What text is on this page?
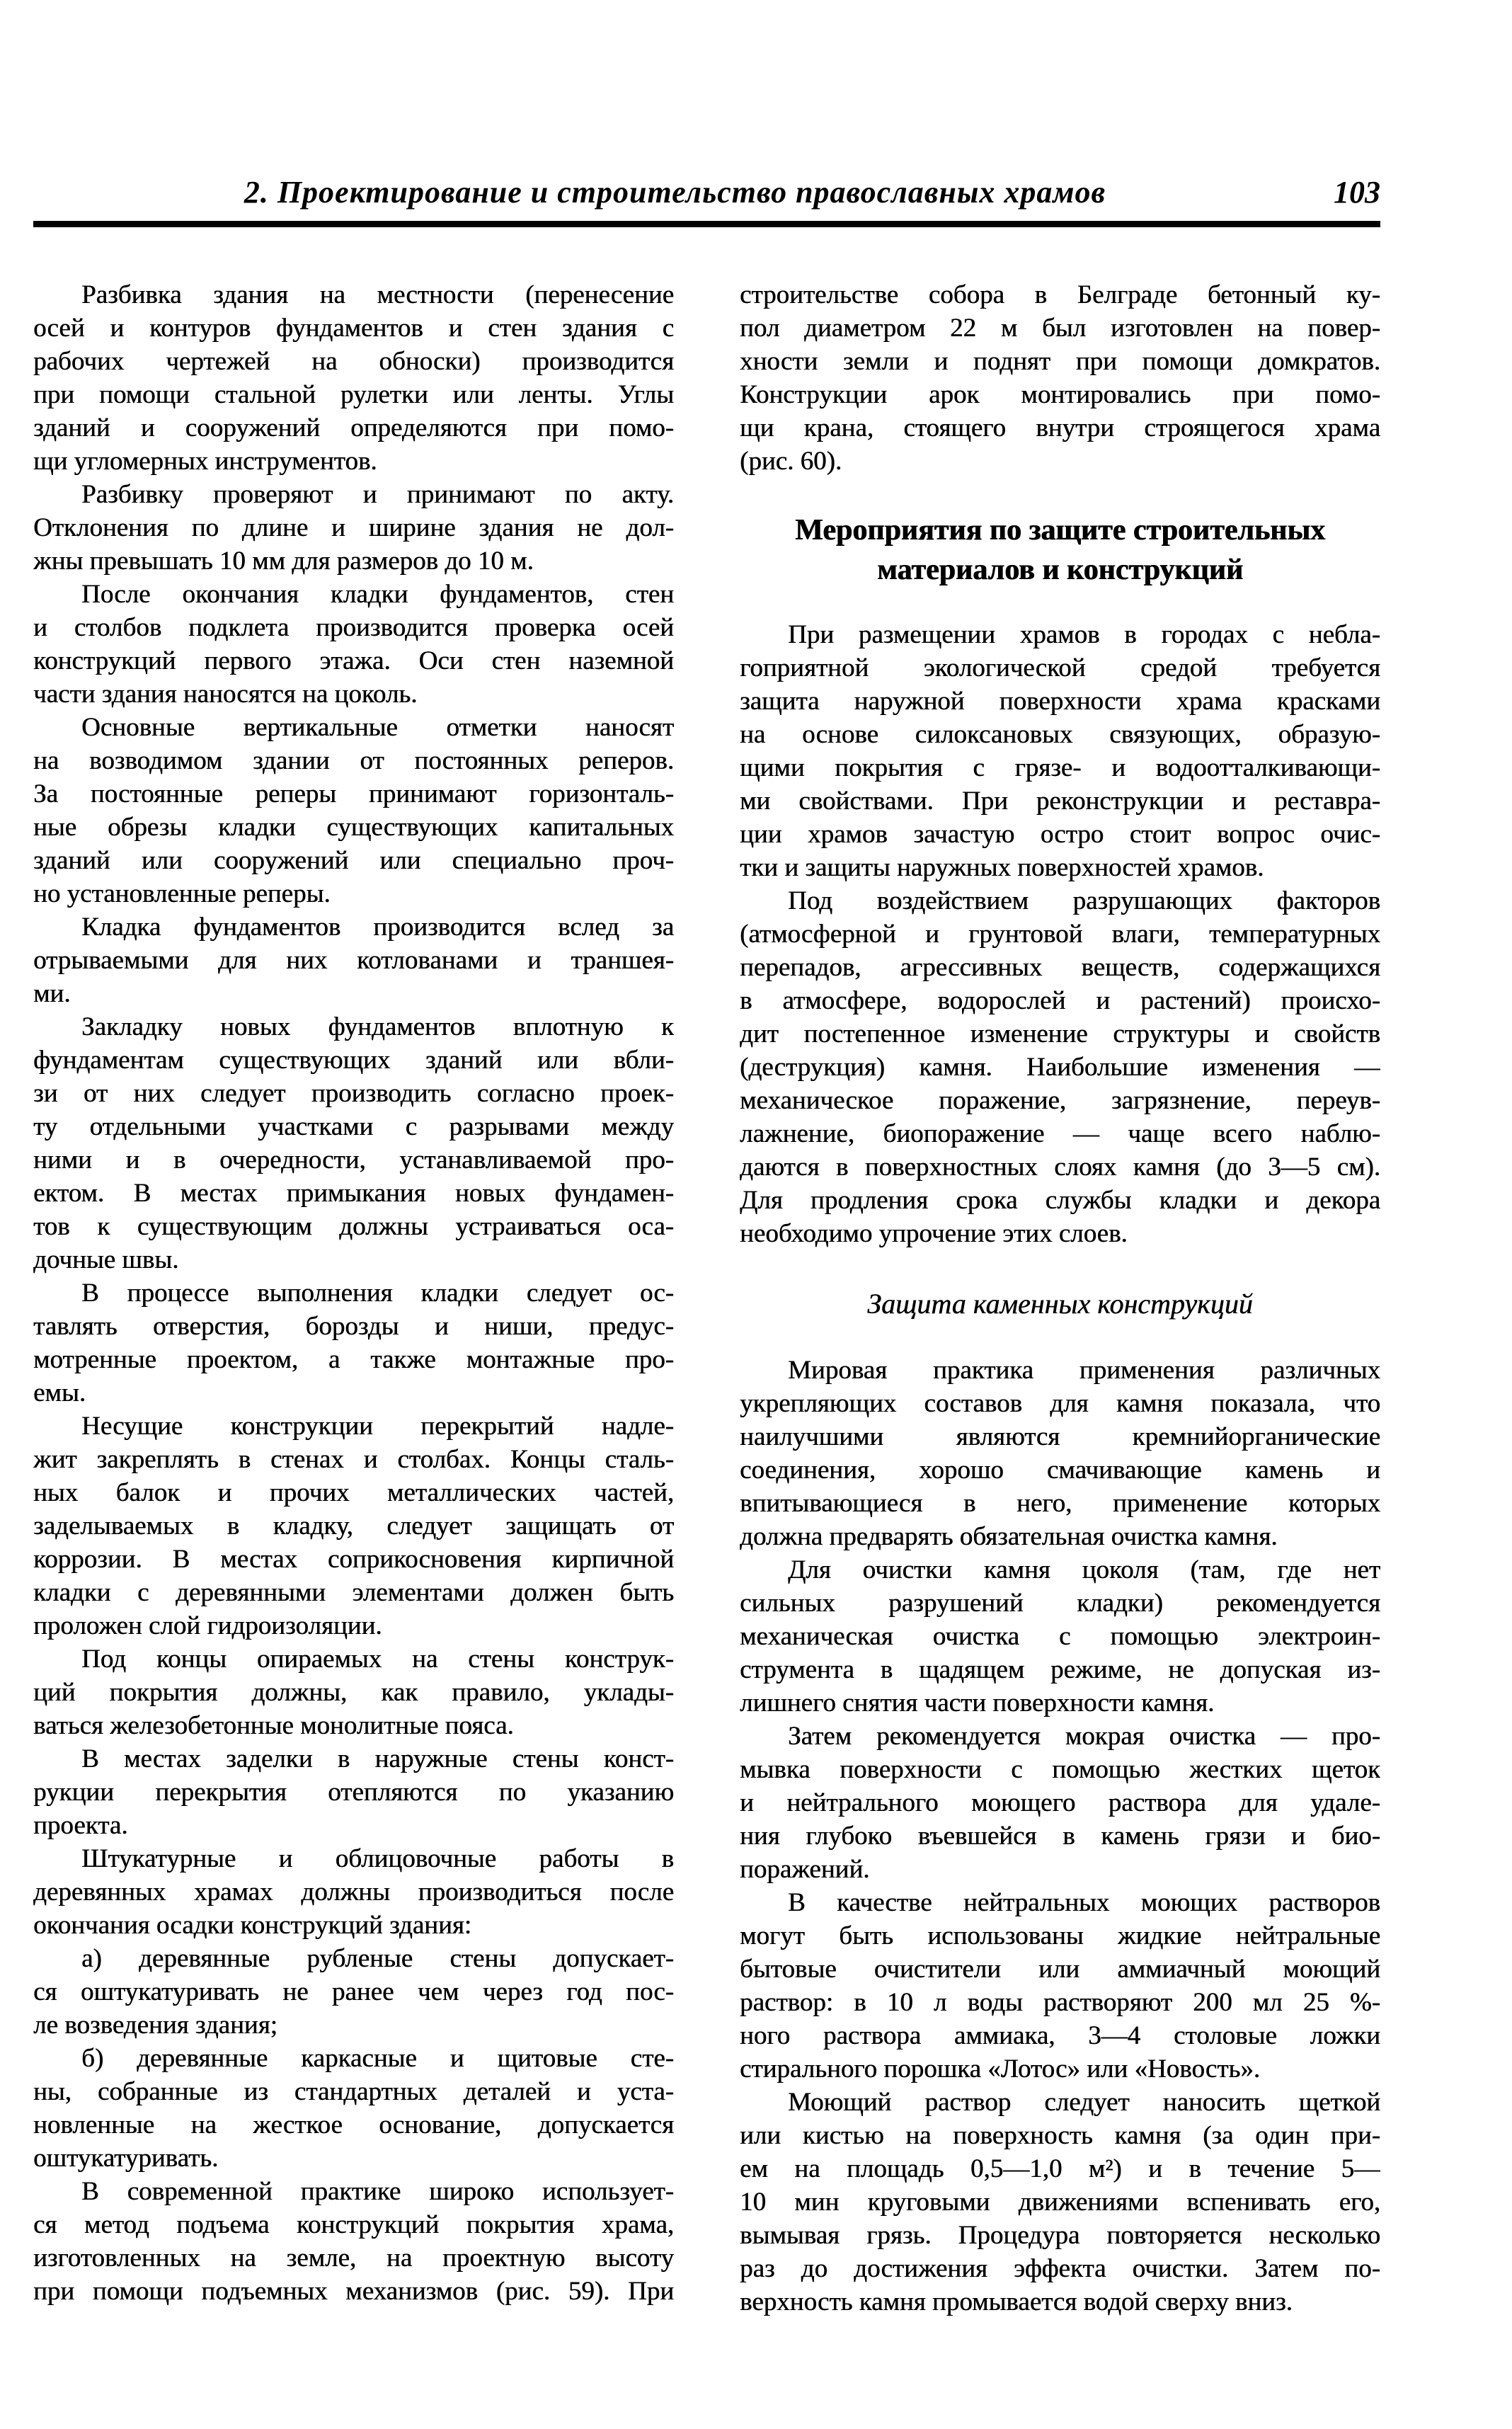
2. Проектирование и строительство православных храмов	103
Разбивка здания на местности (перенесение
осей и контуров фундаментов и стен здания с
рабочих чертежей на обноски) производится
при помощи стальной рулетки или ленты. Углы
зданий и сооружений определяются при помо-
щи угломерных инструментов.
Разбивку проверяют и принимают по акту.
Отклонения по длине и ширине здания не дол-
жны превышать 10 мм для размеров до 10 м.
После окончания кладки фундаментов, стен
и столбов подклета производится проверка осей
конструкций первого этажа. Оси стен наземной
части здания наносятся на цоколь.
Основные вертикальные отметки наносят
на возводимом здании от постоянных реперов.
За постоянные реперы принимают горизонталь-
ные обрезы кладки существующих капитальных
зданий или сооружений или специально проч-
но установленные реперы.
Кладка фундаментов производится вслед за
отрываемыми для них котлованами и траншея-
ми.
Закладку новых фундаментов вплотную к
фундаментам существующих зданий или вбли-
зи от них следует производить согласно проек-
ту отдельными участками с разрывами между
ними и в очередности, устанавливаемой про-
ектом. В местах примыкания новых фундамен-
тов к существующим должны устраиваться оса-
дочные швы.
В процессе выполнения кладки следует ос-
тавлять отверстия, борозды и ниши, предус-
мотренные проектом, а также монтажные про-
емы.
Несущие конструкции перекрытий надле-
жит закреплять в стенах и столбах. Концы сталь-
ных балок и прочих металлических частей,
заделываемых в кладку, следует защищать от
коррозии. В местах соприкосновения кирпичной
кладки с деревянными элементами должен быть
проложен слой гидроизоляции.
Под концы опираемых на стены конструк-
ций покрытия должны, как правило, уклады-
ваться железобетонные монолитные пояса.
В местах заделки в наружные стены конст-
рукции перекрытия отепляются по указанию
проекта.
Штукатурные и облицовочные работы в
деревянных храмах должны производиться после
окончания осадки конструкций здания:
а) деревянные рубленые стены допускает-
ся оштукатуривать не ранее чем через год пос-
ле возведения здания;
б) деревянные каркасные и щитовые сте-
ны, собранные из стандартных деталей и уста-
новленные на жесткое основание, допускается
оштукатуривать.
В современной практике широко использует-
ся метод подъема конструкций покрытия храма,
изготовленных на земле, на проектную высоту
при помощи подъемных механизмов (рис. 59). При
строительстве собора в Белграде бетонный ку-
пол диаметром 22 м был изготовлен на повер-
хности земли и поднят при помощи домкратов.
Конструкции арок монтировались при помо-
щи крана, стоящего внутри строящегося храма
(рис. 60).
Мероприятия по защите строительных
материалов и конструкций
При размещении храмов в городах с небла-
гоприятной экологической средой требуется
защита наружной поверхности храма красками
на основе силоксановых связующих, образую-
щими покрытия с грязе- и водоотталкивающи-
ми свойствами. При реконструкции и реставра-
ции храмов зачастую остро стоит вопрос очис-
тки и защиты наружных поверхностей храмов.
Под воздействием разрушающих факторов
(атмосферной и грунтовой влаги, температурных
перепадов, агрессивных веществ, содержащихся
в атмосфере, водорослей и растений) происхо-
дит постепенное изменение структуры и свойств
(деструкция) камня. Наибольшие изменения —
механическое поражение, загрязнение, переув-
лажнение, биопоражение — чаще всего наблю-
даются в поверхностных слоях камня (до 3—5 см).
Для продления срока службы кладки и декора
необходимо упрочение этих слоев.
Защита каменных конструкций
Мировая практика применения различных
укрепляющих составов для камня показала, что
наилучшими являются кремнийорганические
соединения, хорошо смачивающие камень и
впитывающиеся в него, применение которых
должна предварять обязательная очистка камня.
Для очистки камня цоколя (там, где нет
сильных разрушений кладки) рекомендуется
механическая очистка с помощью электроин-
струмента в щадящем режиме, не допуская из-
лишнего снятия части поверхности камня.
Затем рекомендуется мокрая очистка — про-
мывка поверхности с помощью жестких щеток
и нейтрального моющего раствора для удале-
ния глубоко въевшейся в камень грязи и био-
поражений.
В качестве нейтральных моющих растворов
могут быть использованы жидкие нейтральные
бытовые очистители или аммиачный моющий
раствор: в 10 л воды растворяют 200 мл 25 %-
ного раствора аммиака, 3—4 столовые ложки
стирального порошка «Лотос» или «Новость».
Моющий раствор следует наносить щеткой
или кистью на поверхность камня (за один при-
ем на площадь 0,5—1,0 м²) и в течение 5—
10 мин круговыми движениями вспенивать его,
вымывая грязь. Процедура повторяется несколько
раз до достижения эффекта очистки. Затем по-
верхность камня промывается водой сверху вниз.
